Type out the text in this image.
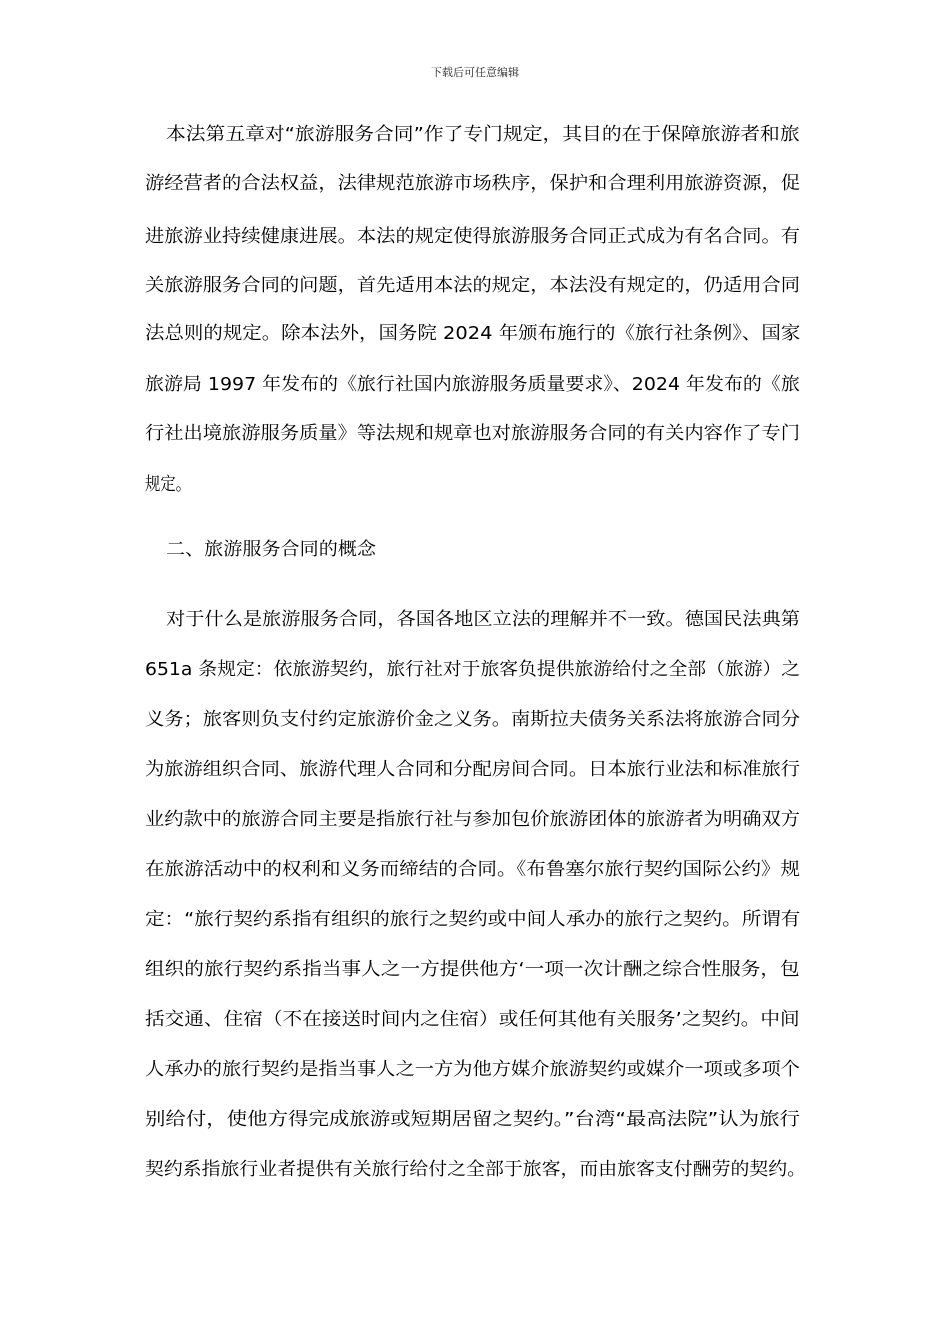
下载后可任意编辑
本法第五章对“旅游服务合同”作了专门规定，其目的在于保障旅游者和旅
游经营者的合法权益，法律规范旅游市场秩序，保护和合理利用旅游资源，促
进旅游业持续健康进展。本法的规定使得旅游服务合同正式成为有名合同。有
关旅游服务合同的问题，首先适用本法的规定，本法没有规定的，仍适用合同
法总则的规定。除本法外，国务院 2024 年颁布施行的《旅行社条例》、国家
旅游局 1997 年发布的《旅行社国内旅游服务质量要求》、2024 年发布的《旅
行社出境旅游服务质量》等法规和规章也对旅游服务合同的有关内容作了专门
规定。
二、旅游服务合同的概念
对于什么是旅游服务合同，各国各地区立法的理解并不一致。德国民法典第
651a 条规定：依旅游契约，旅行社对于旅客负提供旅游给付之全部（旅游）之
义务；旅客则负支付约定旅游价金之义务。南斯拉夫债务关系法将旅游合同分
为旅游组织合同、旅游代理人合同和分配房间合同。日本旅行业法和标准旅行
业约款中的旅游合同主要是指旅行社与参加包价旅游团体的旅游者为明确双方
在旅游活动中的权利和义务而缔结的合同。《布鲁塞尔旅行契约国际公约》规
定：“旅行契约系指有组织的旅行之契约或中间人承办的旅行之契约。所谓有
组织的旅行契约系指当事人之一方提供他方‘一项一次计酬之综合性服务，包
括交通、住宿（不在接送时间内之住宿）或任何其他有关服务’之契约。中间
人承办的旅行契约是指当事人之一方为他方媒介旅游契约或媒介一项或多项个
别给付，使他方得完成旅游或短期居留之契约。”台湾“最高法院”认为旅行
契约系指旅行业者提供有关旅行给付之全部于旅客，而由旅客支付酬劳的契约。
